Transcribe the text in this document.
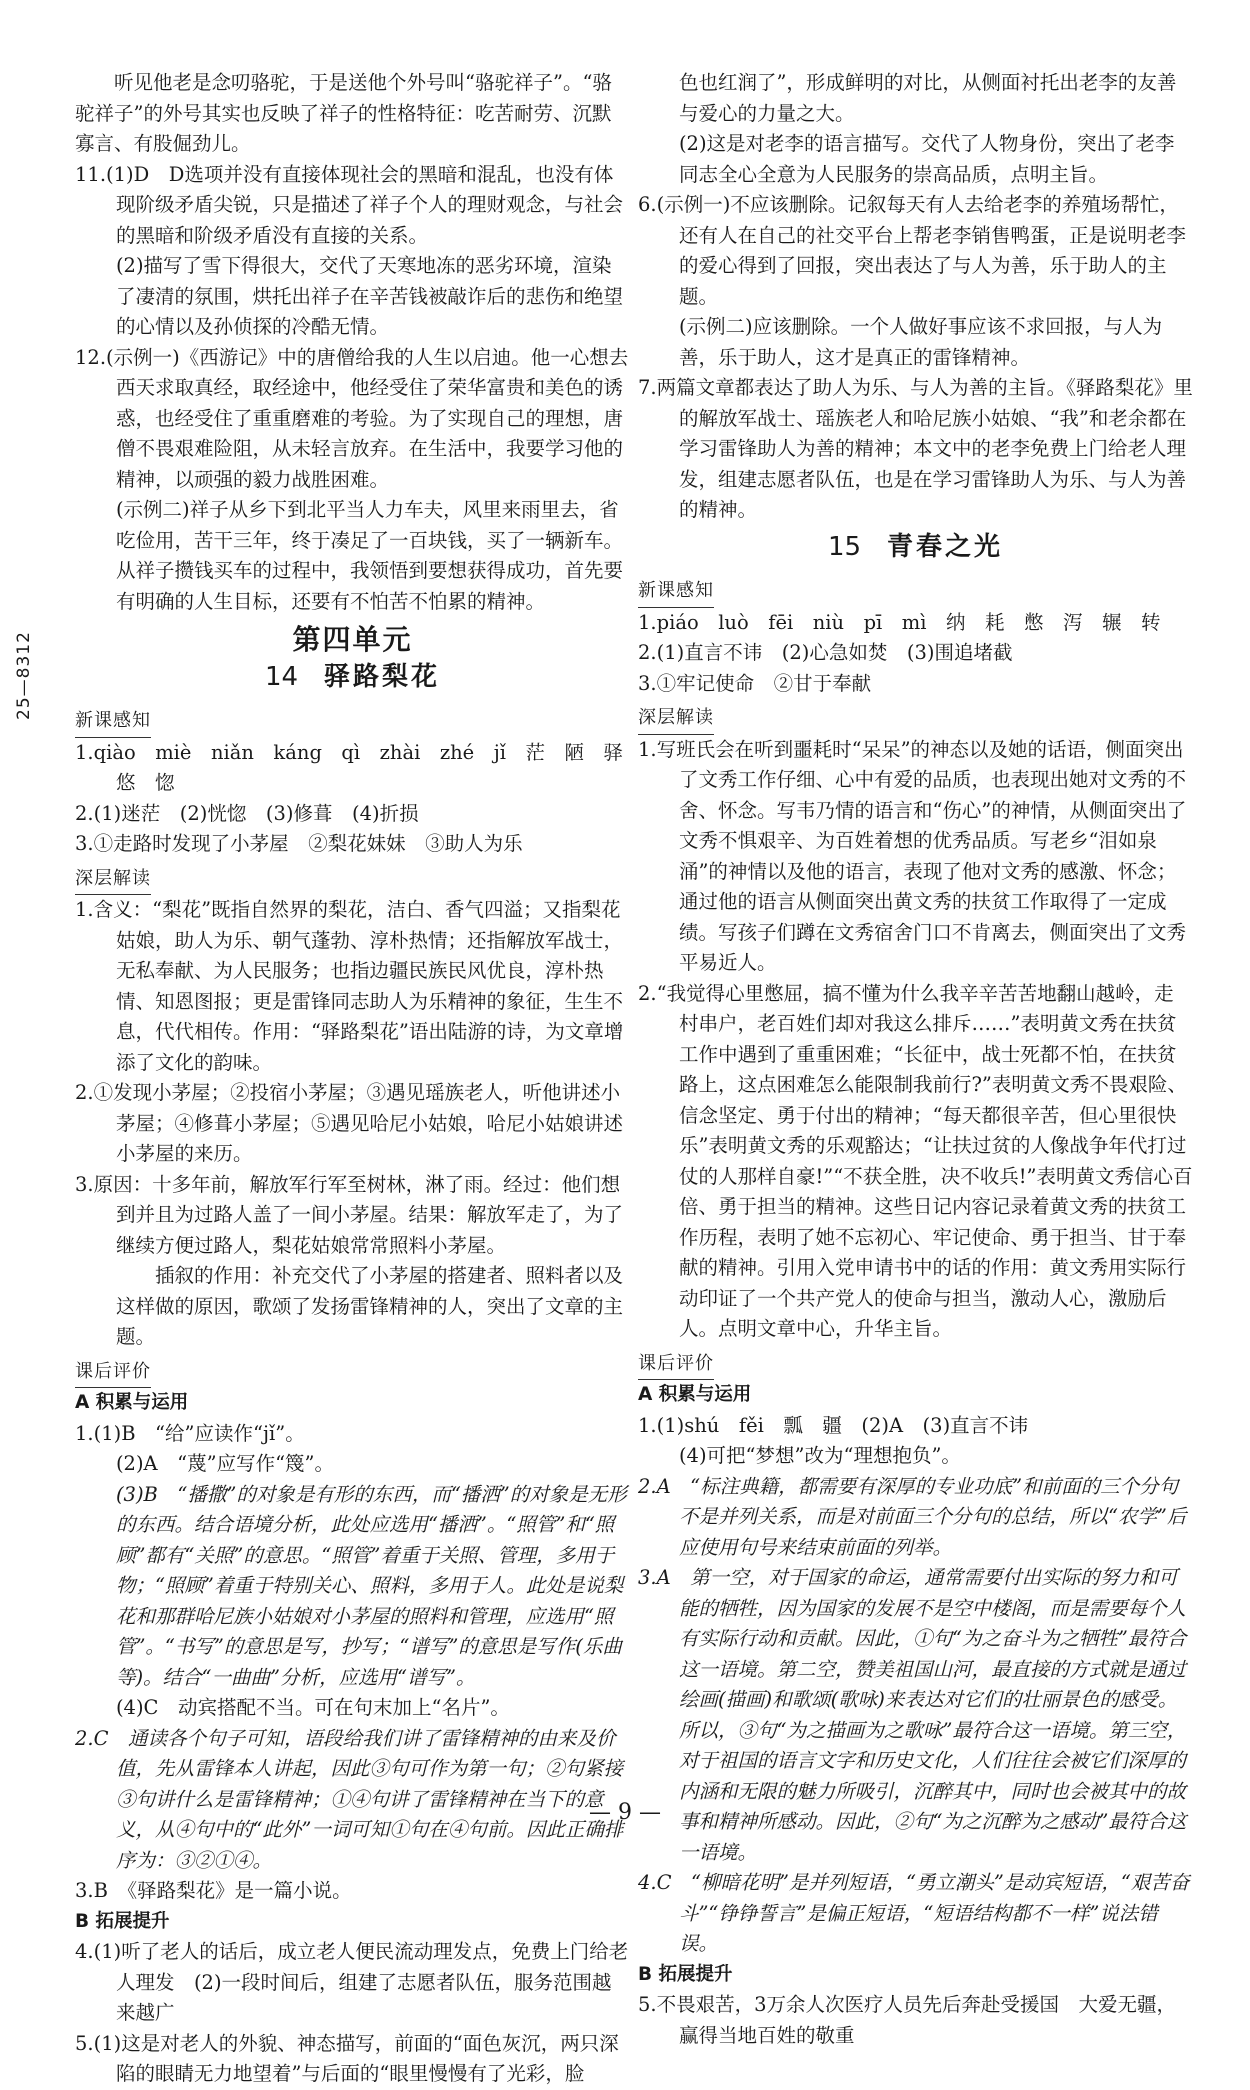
25—8312

听见他老是念叨骆驼，于是送他个外号叫“骆驼祥子”。“骆驼祥子”的外号其实也反映了祥子的性格特征：吃苦耐劳、沉默寡言、有股倔劲儿。

11.(1)D　D选项并没有直接体现社会的黑暗和混乱，也没有体现阶级矛盾尖锐，只是描述了祥子个人的理财观念，与社会的黑暗和阶级矛盾没有直接的关系。

(2)描写了雪下得很大，交代了天寒地冻的恶劣环境，渲染了凄清的氛围，烘托出祥子在辛苦钱被敲诈后的悲伤和绝望的心情以及孙侦探的冷酷无情。

12.(示例一)《西游记》中的唐僧给我的人生以启迪。他一心想去西天求取真经，取经途中，他经受住了荣华富贵和美色的诱惑，也经受住了重重磨难的考验。为了实现自己的理想，唐僧不畏艰难险阻，从未轻言放弃。在生活中，我要学习他的精神，以顽强的毅力战胜困难。

(示例二)祥子从乡下到北平当人力车夫，风里来雨里去，省吃俭用，苦干三年，终于凑足了一百块钱，买了一辆新车。从祥子攒钱买车的过程中，我领悟到要想获得成功，首先要有明确的人生目标，还要有不怕苦不怕累的精神。

第四单元
14 驿路梨花
新课感知

1.qiào　miè　niǎn　káng　qì　zhài　zhé　jǐ　茫　陋　驿　悠　惚

2.(1)迷茫　(2)恍惚　(3)修葺　(4)折损

3.①走路时发现了小茅屋　②梨花妹妹　③助人为乐

深层解读

1.含义：“梨花”既指自然界的梨花，洁白、香气四溢；又指梨花姑娘，助人为乐、朝气蓬勃、淳朴热情；还指解放军战士，无私奉献、为人民服务；也指边疆民族民风优良，淳朴热情、知恩图报；更是雷锋同志助人为乐精神的象征，生生不息，代代相传。作用：“驿路梨花”语出陆游的诗，为文章增添了文化的韵味。

2.①发现小茅屋；②投宿小茅屋；③遇见瑶族老人，听他讲述小茅屋；④修葺小茅屋；⑤遇见哈尼小姑娘，哈尼小姑娘讲述小茅屋的来历。

3.原因：十多年前，解放军行军至树林，淋了雨。经过：他们想到并且为过路人盖了一间小茅屋。结果：解放军走了，为了继续方便过路人，梨花姑娘常常照料小茅屋。

插叙的作用：补充交代了小茅屋的搭建者、照料者以及这样做的原因，歌颂了发扬雷锋精神的人，突出了文章的主题。

课后评价

A 积累与运用

1.(1)B　“给”应读作“jǐ”。

(2)A　“蔑”应写作“篾”。

(3)B　“播撒”的对象是有形的东西，而“播洒”的对象是无形的东西。结合语境分析，此处应选用“播洒”。“照管”和“照顾”都有“关照”的意思。“照管”着重于关照、管理，多用于物；“照顾”着重于特别关心、照料，多用于人。此处是说梨花和那群哈尼族小姑娘对小茅屋的照料和管理，应选用“照管”。“书写”的意思是写，抄写；“谱写”的意思是写作(乐曲等)。结合“一曲曲”分析，应选用“谱写”。

(4)C　动宾搭配不当。可在句末加上“名片”。

2.C　通读各个句子可知，语段给我们讲了雷锋精神的由来及价值，先从雷锋本人讲起，因此③句可作为第一句；②句紧接③句讲什么是雷锋精神；①④句讲了雷锋精神在当下的意义，从④句中的“此外”一词可知①句在④句前。因此正确排序为：③②①④。

3.B　《驿路梨花》是一篇小说。

B 拓展提升

4.(1)听了老人的话后，成立老人便民流动理发点，免费上门给老人理发　(2)一段时间后，组建了志愿者队伍，服务范围越来越广

5.(1)这是对老人的外貌、神态描写，前面的“面色灰沉，两只深陷的眼睛无力地望着”与后面的“眼里慢慢有了光彩，脸

色也红润了”，形成鲜明的对比，从侧面衬托出老李的友善与爱心的力量之大。

(2)这是对老李的语言描写。交代了人物身份，突出了老李同志全心全意为人民服务的崇高品质，点明主旨。

6.(示例一)不应该删除。记叙每天有人去给老李的养殖场帮忙，还有人在自己的社交平台上帮老李销售鸭蛋，正是说明老李的爱心得到了回报，突出表达了与人为善，乐于助人的主题。

(示例二)应该删除。一个人做好事应该不求回报，与人为善，乐于助人，这才是真正的雷锋精神。

7.两篇文章都表达了助人为乐、与人为善的主旨。《驿路梨花》里的解放军战士、瑶族老人和哈尼族小姑娘、“我”和老余都在学习雷锋助人为善的精神；本文中的老李免费上门给老人理发，组建志愿者队伍，也是在学习雷锋助人为乐、与人为善的精神。

15 青春之光
新课感知

1.piáo　luò　fēi　niù　pī　mì　纳　耗　憋　泻　辗　转

2.(1)直言不讳　(2)心急如焚　(3)围追堵截

3.①牢记使命　②甘于奉献

深层解读

1.写班氏会在听到噩耗时“呆呆”的神态以及她的话语，侧面突出了文秀工作仔细、心中有爱的品质，也表现出她对文秀的不舍、怀念。写韦乃情的语言和“伤心”的神情，从侧面突出了文秀不惧艰辛、为百姓着想的优秀品质。写老乡“泪如泉涌”的神情以及他的语言，表现了他对文秀的感激、怀念；通过他的语言从侧面突出黄文秀的扶贫工作取得了一定成绩。写孩子们蹲在文秀宿舍门口不肯离去，侧面突出了文秀平易近人。

2.“我觉得心里憋屈，搞不懂为什么我辛辛苦苦地翻山越岭，走村串户，老百姓们却对我这么排斥……”表明黄文秀在扶贫工作中遇到了重重困难；“长征中，战士死都不怕，在扶贫路上，这点困难怎么能限制我前行?”表明黄文秀不畏艰险、信念坚定、勇于付出的精神；“每天都很辛苦，但心里很快乐”表明黄文秀的乐观豁达；“让扶过贫的人像战争年代打过仗的人那样自豪!”“不获全胜，决不收兵!”表明黄文秀信心百倍、勇于担当的精神。这些日记内容记录着黄文秀的扶贫工作历程，表明了她不忘初心、牢记使命、勇于担当、甘于奉献的精神。引用入党申请书中的话的作用：黄文秀用实际行动印证了一个共产党人的使命与担当，激动人心，激励后人。点明文章中心，升华主旨。

课后评价

A 积累与运用

1.(1)shú　fěi　瓢　疆　(2)A　(3)直言不讳

(4)可把“梦想”改为“理想抱负”。

2.A　“标注典籍，都需要有深厚的专业功底”和前面的三个分句不是并列关系，而是对前面三个分句的总结，所以“农学”后应使用句号来结束前面的列举。

3.A　第一空，对于国家的命运，通常需要付出实际的努力和可能的牺牲，因为国家的发展不是空中楼阁，而是需要每个人有实际行动和贡献。因此，①句“为之奋斗为之牺牲”最符合这一语境。第二空，赞美祖国山河，最直接的方式就是通过绘画(描画)和歌颂(歌咏)来表达对它们的壮丽景色的感受。所以，③句“为之描画为之歌咏”最符合这一语境。第三空，对于祖国的语言文字和历史文化，人们往往会被它们深厚的内涵和无限的魅力所吸引，沉醉其中，同时也会被其中的故事和精神所感动。因此，②句“为之沉醉为之感动”最符合这一语境。

4.C　“柳暗花明”是并列短语，“勇立潮头”是动宾短语，“艰苦奋斗”“铮铮誓言”是偏正短语，“短语结构都不一样”说法错误。

B 拓展提升

5.不畏艰苦，3万余人次医疗人员先后奔赴受援国　大爱无疆，赢得当地百姓的敬重

— 9 —
